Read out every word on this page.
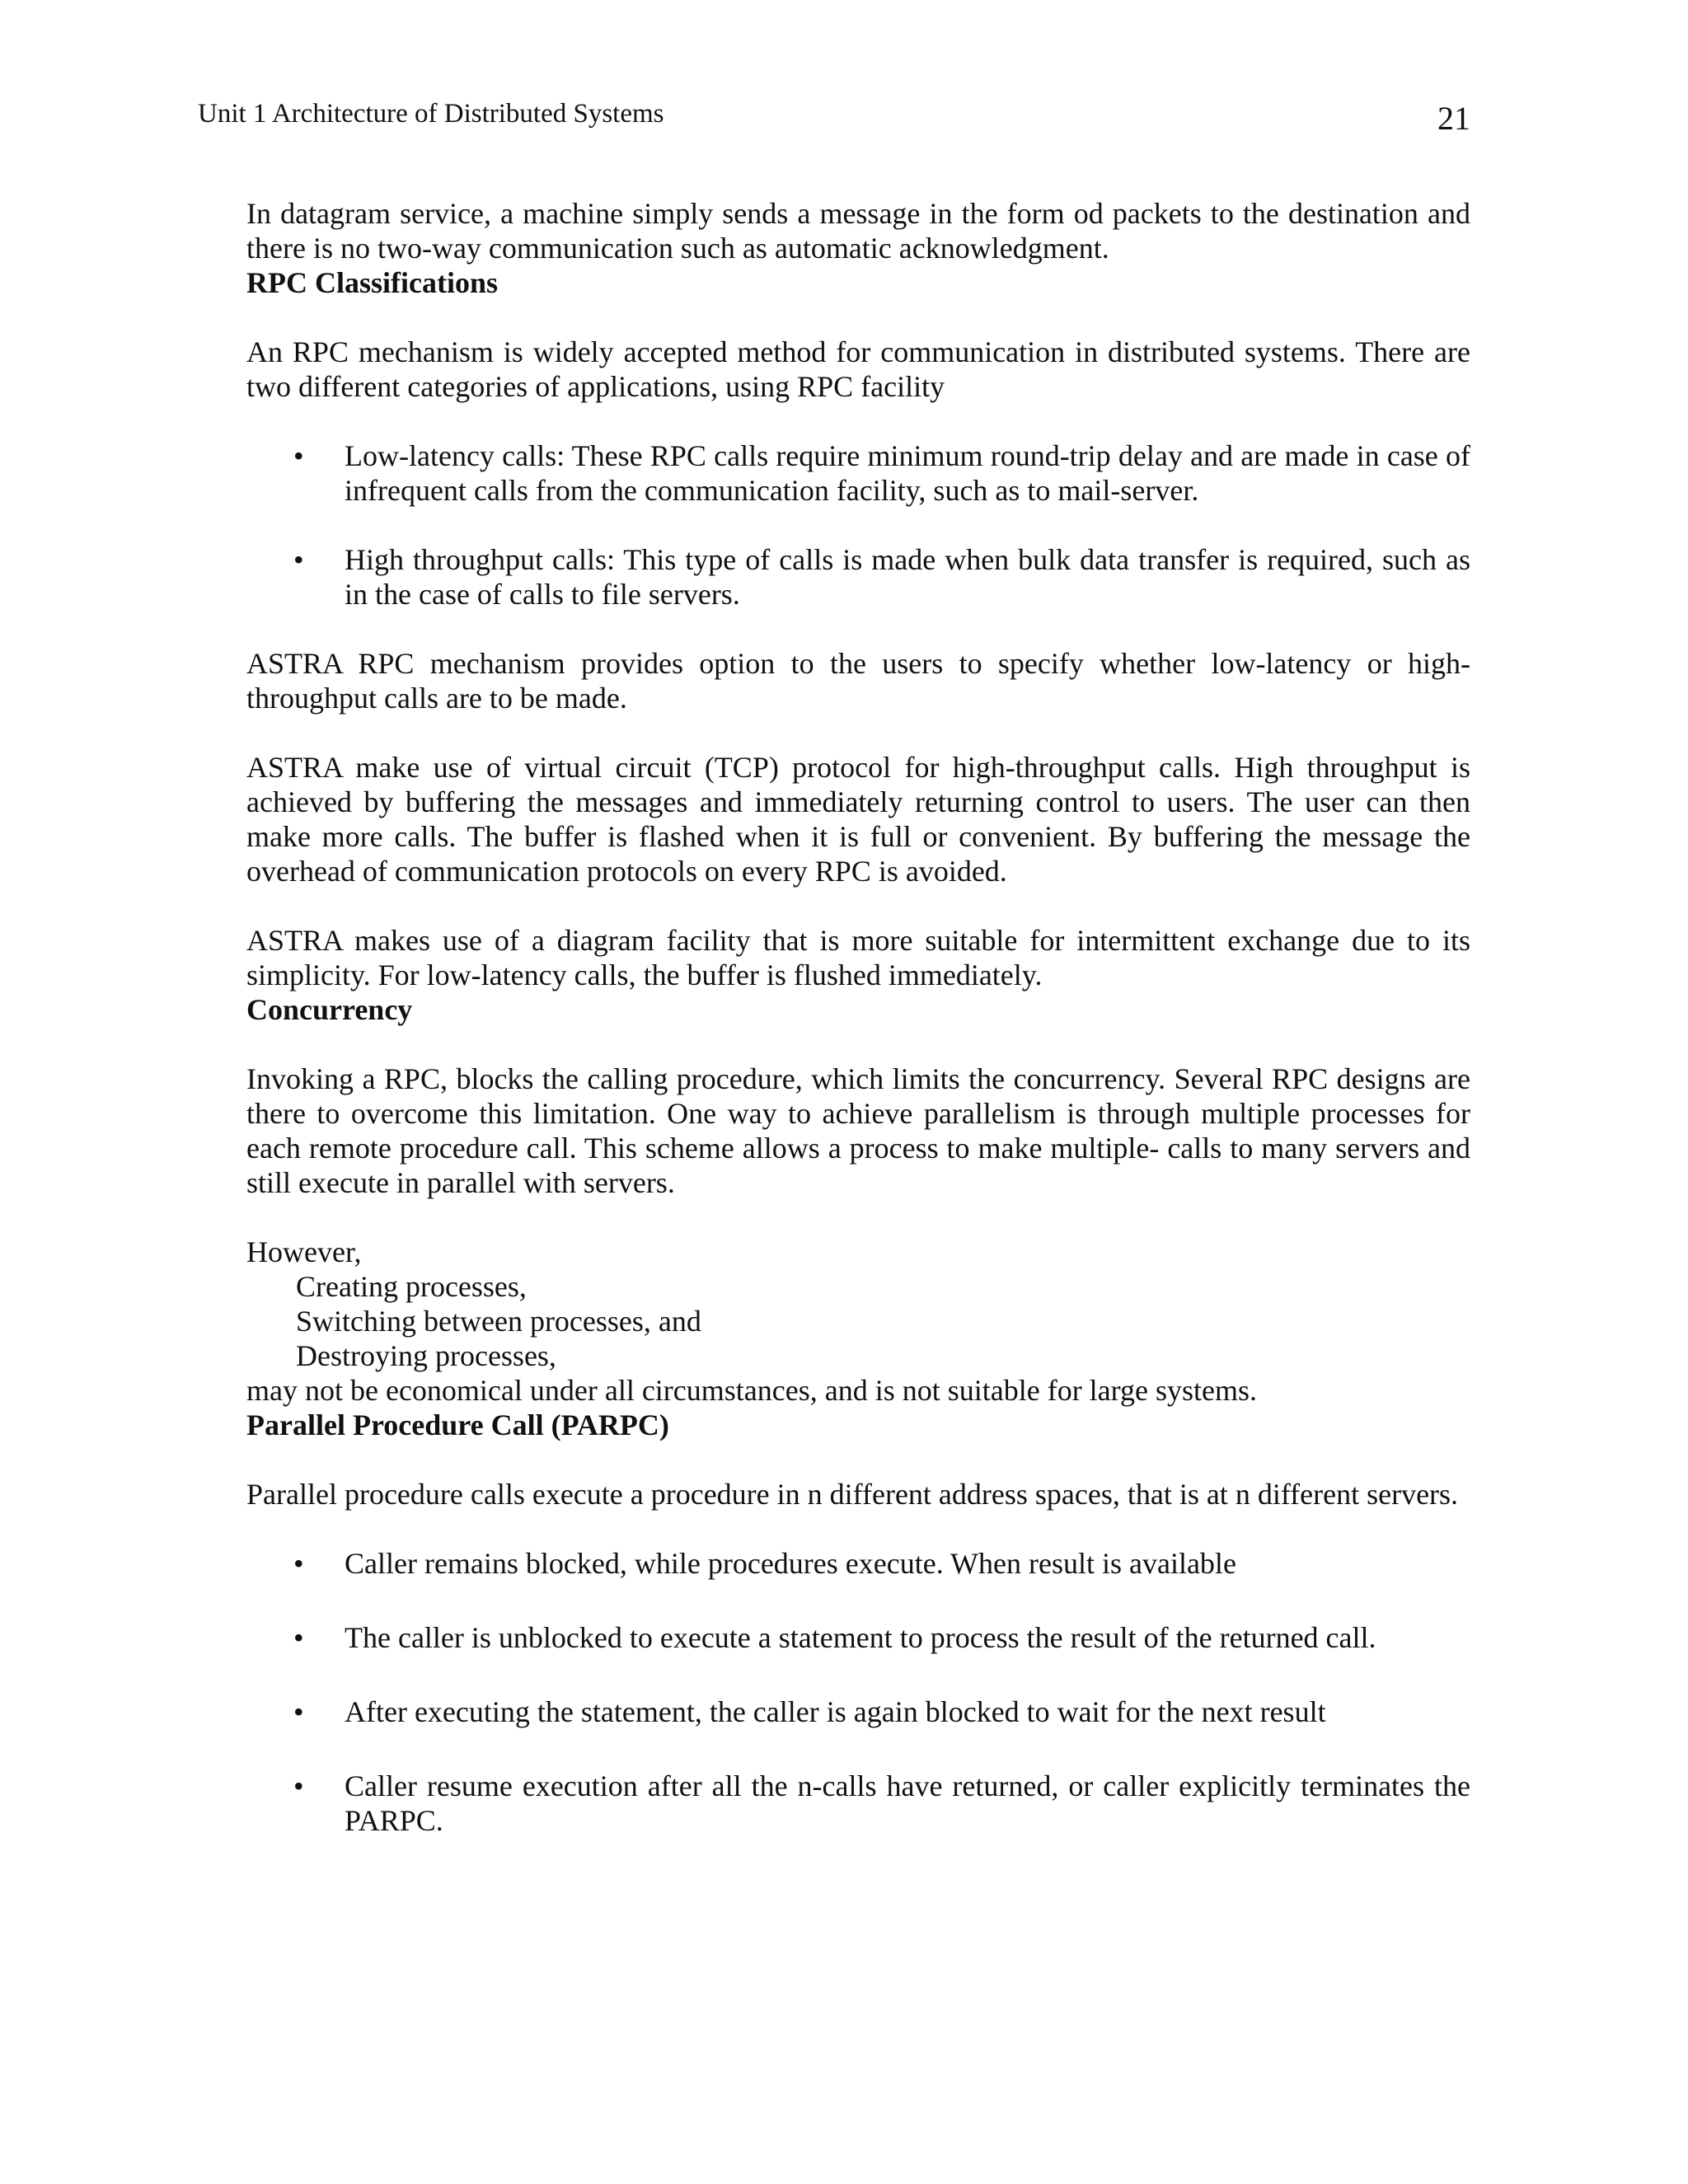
Unit 1 Architecture of Distributed Systems	21

In datagram service, a machine simply sends a message in the form od packets to the destination and there is no two-way communication such as automatic acknowledgment.

RPC Classifications

An RPC mechanism is widely accepted method for communication in distributed systems. There are two different categories of applications, using RPC facility

• Low-latency calls: These RPC calls require minimum round-trip delay and are made in case of infrequent calls from the communication facility, such as to mail-server.
• High throughput calls: This type of calls is made when bulk data transfer is required, such as in the case of calls to file servers.

ASTRA RPC mechanism provides option to the users to specify whether low-latency or high-throughput calls are to be made.

ASTRA make use of virtual circuit (TCP) protocol for high-throughput calls. High throughput is achieved by buffering the messages and immediately returning control to users. The user can then make more calls. The buffer is flashed when it is full or convenient. By buffering the message the overhead of communication protocols on every RPC is avoided.

ASTRA makes use of a diagram facility that is more suitable for intermittent exchange due to its simplicity. For low-latency calls, the buffer is flushed immediately.

Concurrency

Invoking a RPC, blocks the calling procedure, which limits the concurrency. Several RPC designs are there to overcome this limitation. One way to achieve parallelism is through multiple processes for each remote procedure call. This scheme allows a process to make multiple- calls to many servers and still execute in parallel with servers.

However,

Creating processes,

Switching between processes, and

Destroying processes,

may not be economical under all circumstances, and is not suitable for large systems.

Parallel Procedure Call (PARPC)

Parallel procedure calls execute a procedure in n different address spaces, that is at n different servers.

• Caller remains blocked, while procedures execute. When result is available
• The caller is unblocked to execute a statement to process the result of the returned call.
• After executing the statement, the caller is again blocked to wait for the next result
• Caller resume execution after all the n-calls have returned, or caller explicitly terminates the PARPC.
